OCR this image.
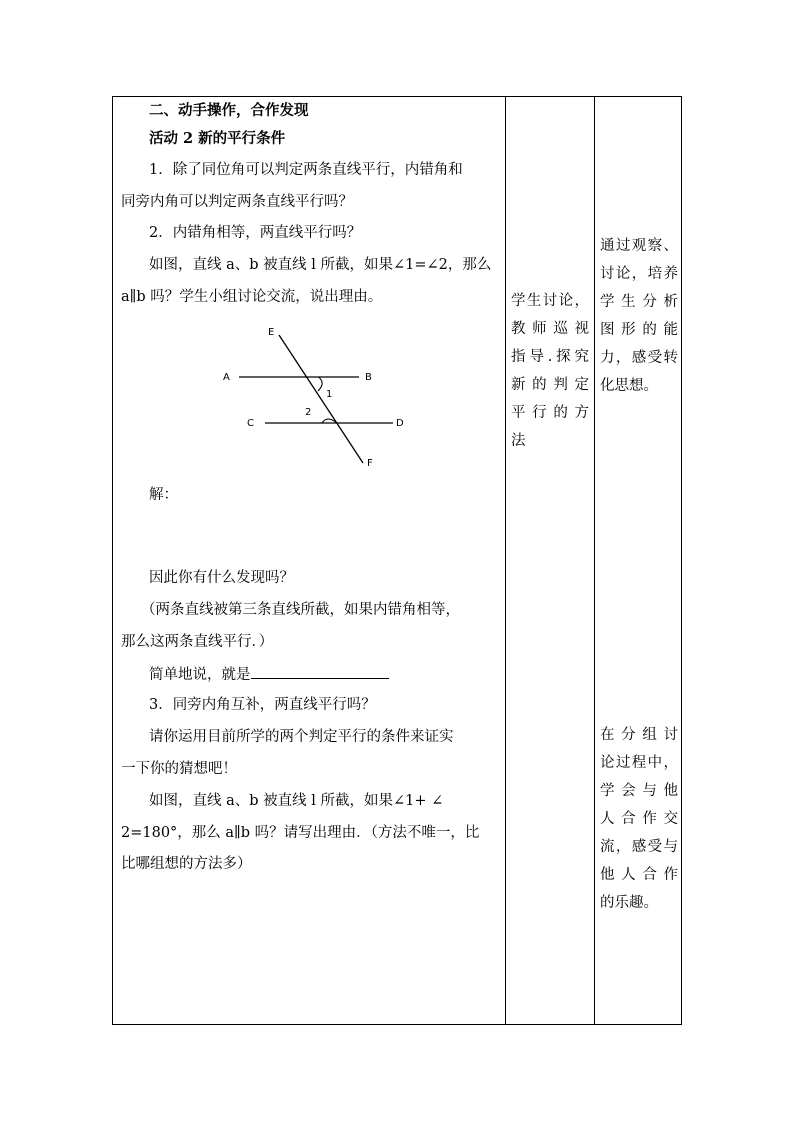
二、动手操作，合作发现
活动 2 新的平行条件
1．除了同位角可以判定两条直线平行，内错角和
同旁内角可以判定两条直线平行吗？
2．内错角相等，两直线平行吗？
如图，直线 a、b 被直线 l 所截，如果∠1=∠2，那么
a∥b 吗？学生小组讨论交流，说出理由。
A	B
C	D
E
F
1
2
解：
因此你有什么发现吗？
（两条直线被第三条直线所截，如果内错角相等，
那么这两条直线平行．）
简单地说，就是
3．同旁内角互补，两直线平行吗？
请你运用目前所学的两个判定平行的条件来证实
一下你的猜想吧！
如图，直线 a、b 被直线 l 所截，如果∠1+ ∠
2=180°，那么 a∥b 吗？请写出理由．（方法不唯一，比
比哪组想的方法多）
学生讨论，
教师巡视
指导.探究
新的判定
平行的方
法
通过观察、
讨论，培养
学生分析
图形的能
力，感受转
化思想。
在分组讨
论过程中，
学会与他
人合作交
流，感受与
他人合作
的乐趣。
